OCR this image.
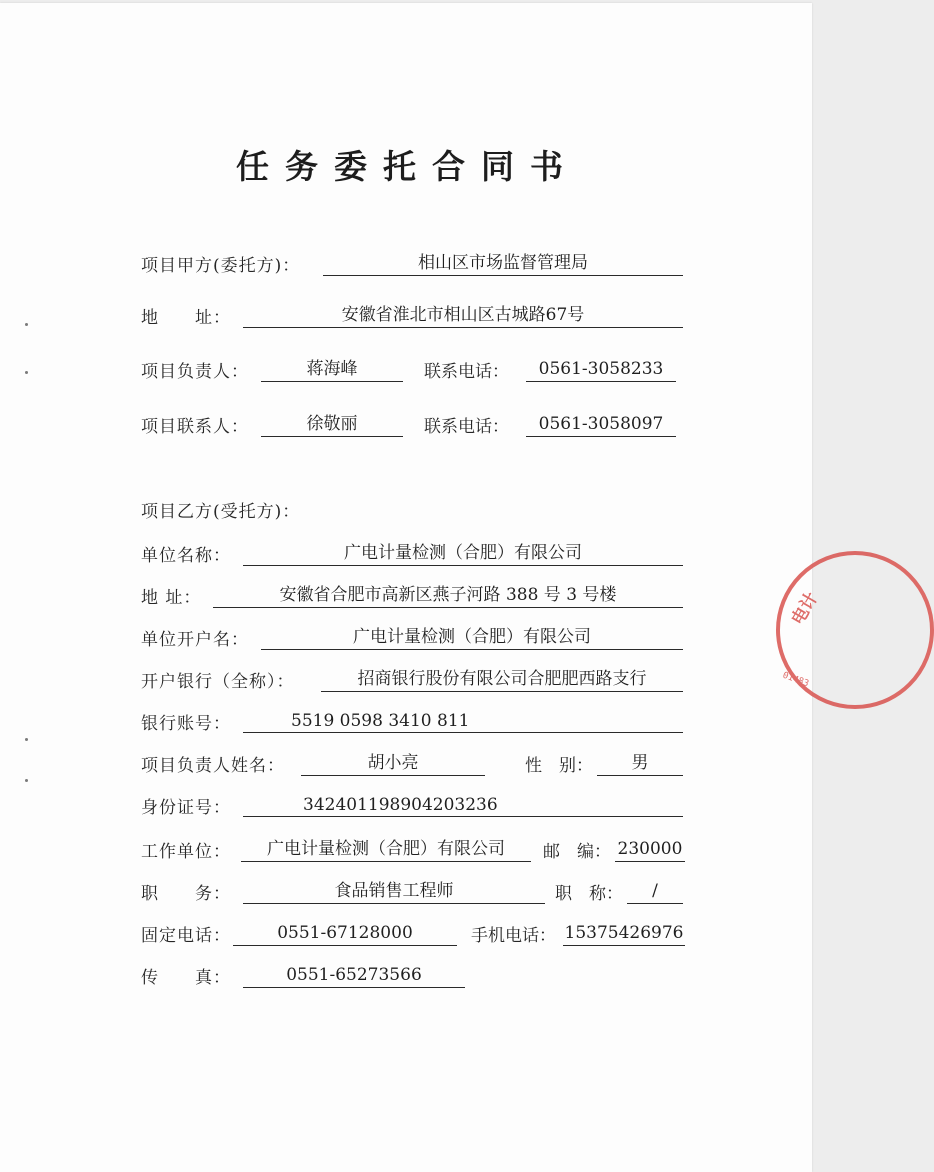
任务委托合同书
项目甲方(委托方)：	相山区市场监督管理局
地　　址：	安徽省淮北市相山区古城路67号
项目负责人：	蒋海峰	联系电话：	0561-3058233
项目联系人：	徐敬丽	联系电话：	0561-3058097
项目乙方(受托方)：
单位名称：	广电计量检测（合肥）有限公司
地 址：	安徽省合肥市高新区燕子河路 388 号 3 号楼
单位开户名：	广电计量检测（合肥）有限公司
开户银行（全称）：	招商银行股份有限公司合肥肥西路支行
银行账号：	5519 0598 3410 811
项目负责人姓名：	胡小亮	性　别：	男
身份证号：	342401198904203236
工作单位：	广电计量检测（合肥）有限公司	邮　编： 230000
职　　务：	食品销售工程师	职　称：	/
固定电话：	0551-67128000	手机电话： 15375426976
传　　真：	0551-65273566
电计
01483
